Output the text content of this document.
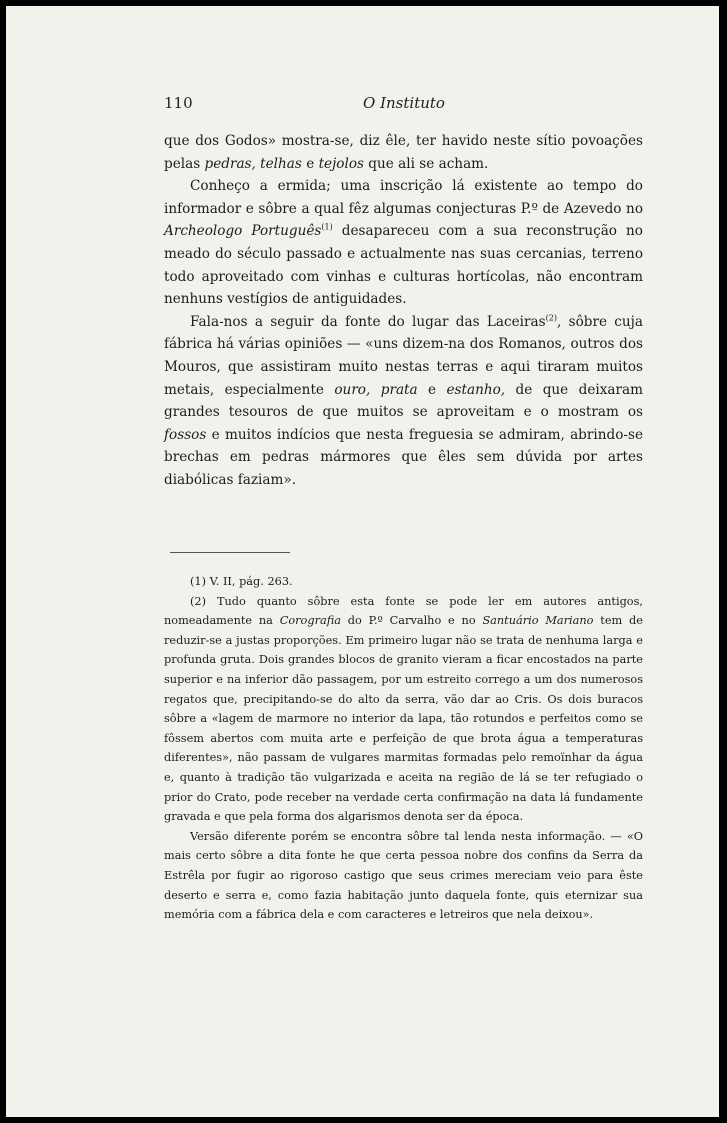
110	O Instituto

que dos Godos» mostra-se, diz êle, ter havido neste sítio povoações pelas pedras, telhas e tejolos que ali se acham.

Conheço a ermida; uma inscrição lá existente ao tempo do informador e sôbre a qual fêz algumas conjecturas P.º de Azevedo no Archeologo Português$^{(1)}$ desapareceu com a sua reconstrução no meado do século passado e actualmente nas suas cercanias, terreno todo aproveitado com vinhas e culturas hortícolas, não encontram nenhuns vestígios de antiguidades.

Fala-nos a seguir da fonte do lugar das Laceiras$^{(2)}$, sôbre cuja fábrica há várias opiniões — «uns dizem-na dos Romanos, outros dos Mouros, que assistiram muito nestas terras e aqui tiraram muitos metais, especialmente ouro, prata e estanho, de que deixaram grandes tesouros de que muitos se aproveitam e o mostram os fossos e muitos indícios que nesta freguesia se admiram, abrindo-se brechas em pedras mármores que êles sem dúvida por artes diabólicas faziam».

(1) V. II, pág. 263.

(2) Tudo quanto sôbre esta fonte se pode ler em autores antigos, nomeadamente na Corografia do P.º Carvalho e no Santuário Mariano tem de reduzir-se a justas proporções. Em primeiro lugar não se trata de nenhuma larga e profunda gruta. Dois grandes blocos de granito vieram a ficar encostados na parte superior e na inferior dão passagem, por um estreito corrego a um dos numerosos regatos que, precipitando-se do alto da serra, vão dar ao Cris. Os dois buracos sôbre a «lagem de marmore no interior da lapa, tão rotundos e perfeitos como se fôssem abertos com muita arte e perfeição de que brota água a temperaturas diferentes», não passam de vulgares marmitas formadas pelo remoïnhar da água e, quanto à tradição tão vulgarizada e aceita na região de lá se ter refugiado o prior do Crato, pode receber na verdade certa confirmação na data lá fundamente gravada e que pela forma dos algarismos denota ser da época.

Versão diferente porém se encontra sôbre tal lenda nesta informação. — «O mais certo sôbre a dita fonte he que certa pessoa nobre dos confins da Serra da Estrêla por fugir ao rigoroso castigo que seus crimes mereciam veio para êste deserto e serra e, como fazia habitação junto daquela fonte, quis eternizar sua memória com a fábrica dela e com caracteres e letreiros que nela deixou».
